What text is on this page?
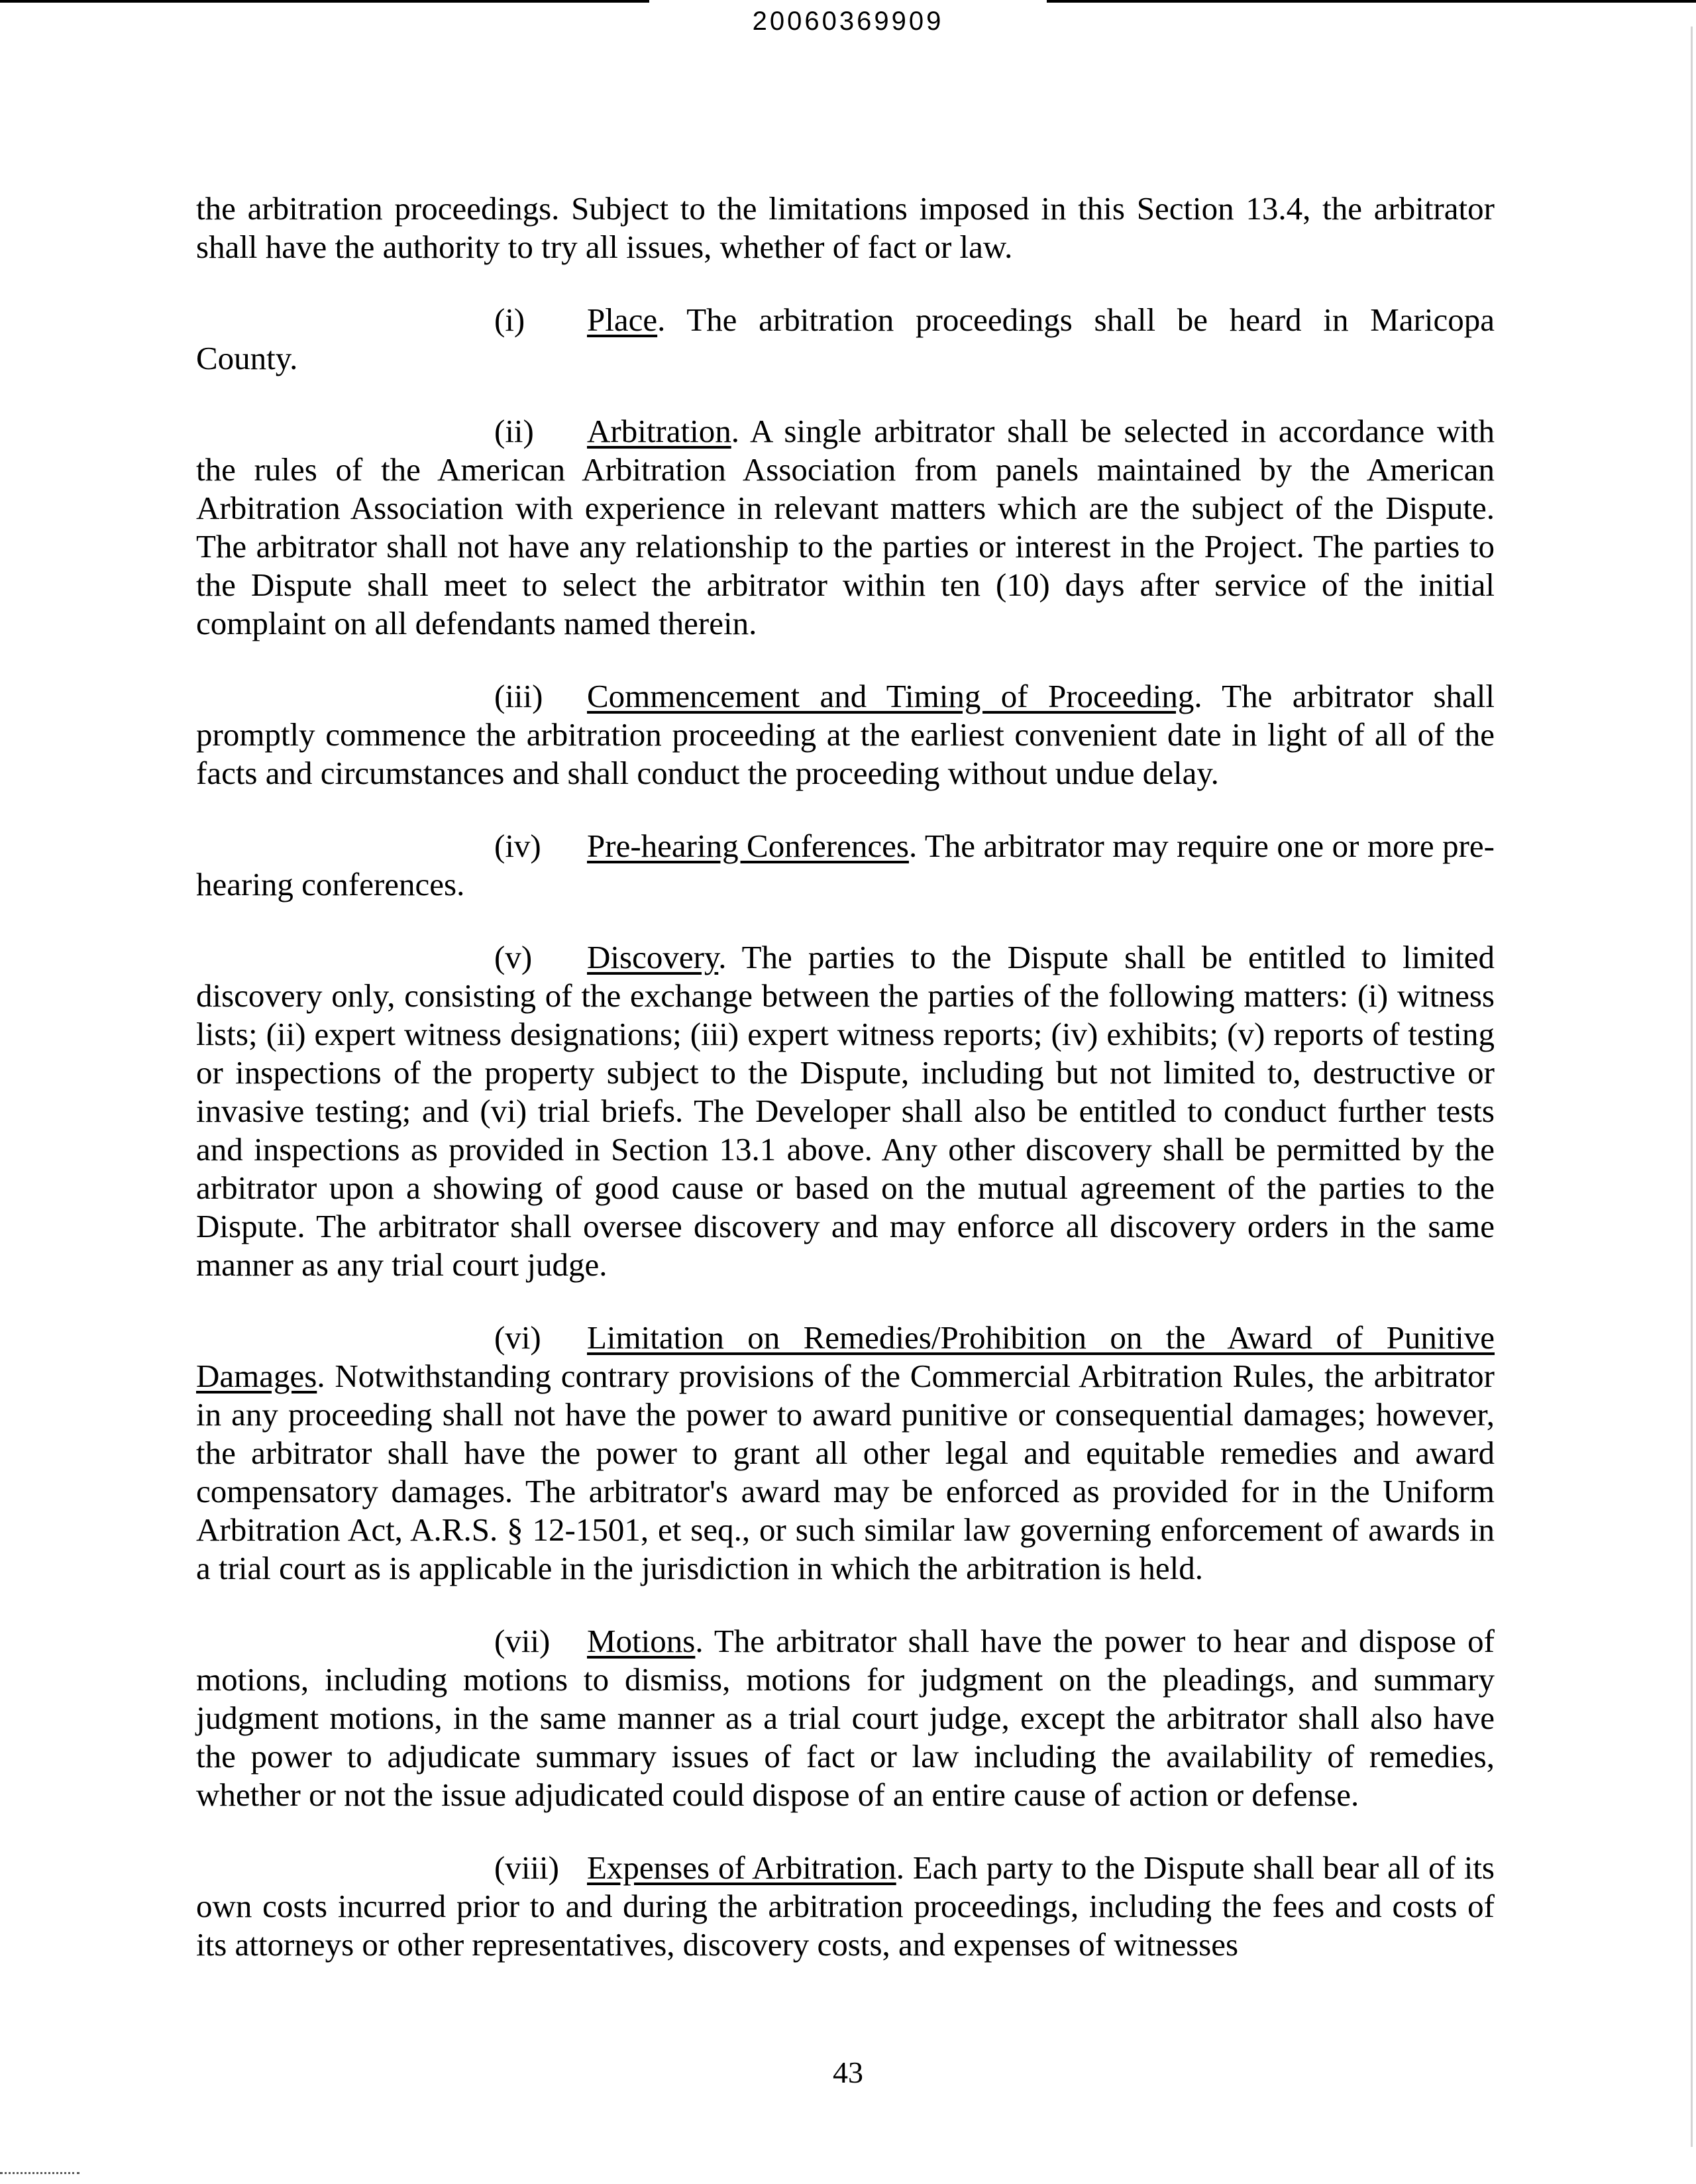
20060369909

the arbitration proceedings. Subject to the limitations imposed in this Section 13.4, the arbitrator shall have the authority to try all issues, whether of fact or law.

(i) Place. The arbitration proceedings shall be heard in Maricopa
County.

(ii) Arbitration. A single arbitrator shall be selected in accordance with the rules of the American Arbitration Association from panels maintained by the American Arbitration Association with experience in relevant matters which are the subject of the Dispute. The arbitrator shall not have any relationship to the parties or interest in the Project. The parties to the Dispute shall meet to select the arbitrator within ten (10) days after service of the initial complaint on all defendants named therein.

(iii) Commencement and Timing of Proceeding. The arbitrator shall promptly commence the arbitration proceeding at the earliest convenient date in light of all of the facts and circumstances and shall conduct the proceeding without undue delay.

(iv) Pre-hearing Conferences. The arbitrator may require one or more pre-hearing conferences.

(v) Discovery. The parties to the Dispute shall be entitled to limited discovery only, consisting of the exchange between the parties of the following matters: (i) witness lists; (ii) expert witness designations; (iii) expert witness reports; (iv) exhibits; (v) reports of testing or inspections of the property subject to the Dispute, including but not limited to, destructive or invasive testing; and (vi) trial briefs. The Developer shall also be entitled to conduct further tests and inspections as provided in Section 13.1 above. Any other discovery shall be permitted by the arbitrator upon a showing of good cause or based on the mutual agreement of the parties to the Dispute. The arbitrator shall oversee discovery and may enforce all discovery orders in the same manner as any trial court judge.

(vi) Limitation on Remedies/Prohibition on the Award of Punitive Damages. Notwithstanding contrary provisions of the Commercial Arbitration Rules, the arbitrator in any proceeding shall not have the power to award punitive or consequential damages; however, the arbitrator shall have the power to grant all other legal and equitable remedies and award compensatory damages. The arbitrator's award may be enforced as provided for in the Uniform Arbitration Act, A.R.S. § 12-1501, et seq., or such similar law governing enforcement of awards in a trial court as is applicable in the jurisdiction in which the arbitration is held.

(vii) Motions. The arbitrator shall have the power to hear and dispose of motions, including motions to dismiss, motions for judgment on the pleadings, and summary judgment motions, in the same manner as a trial court judge, except the arbitrator shall also have the power to adjudicate summary issues of fact or law including the availability of remedies, whether or not the issue adjudicated could dispose of an entire cause of action or defense.

(viii) Expenses of Arbitration. Each party to the Dispute shall bear all of its own costs incurred prior to and during the arbitration proceedings, including the fees and costs of its attorneys or other representatives, discovery costs, and expenses of witnesses

43
